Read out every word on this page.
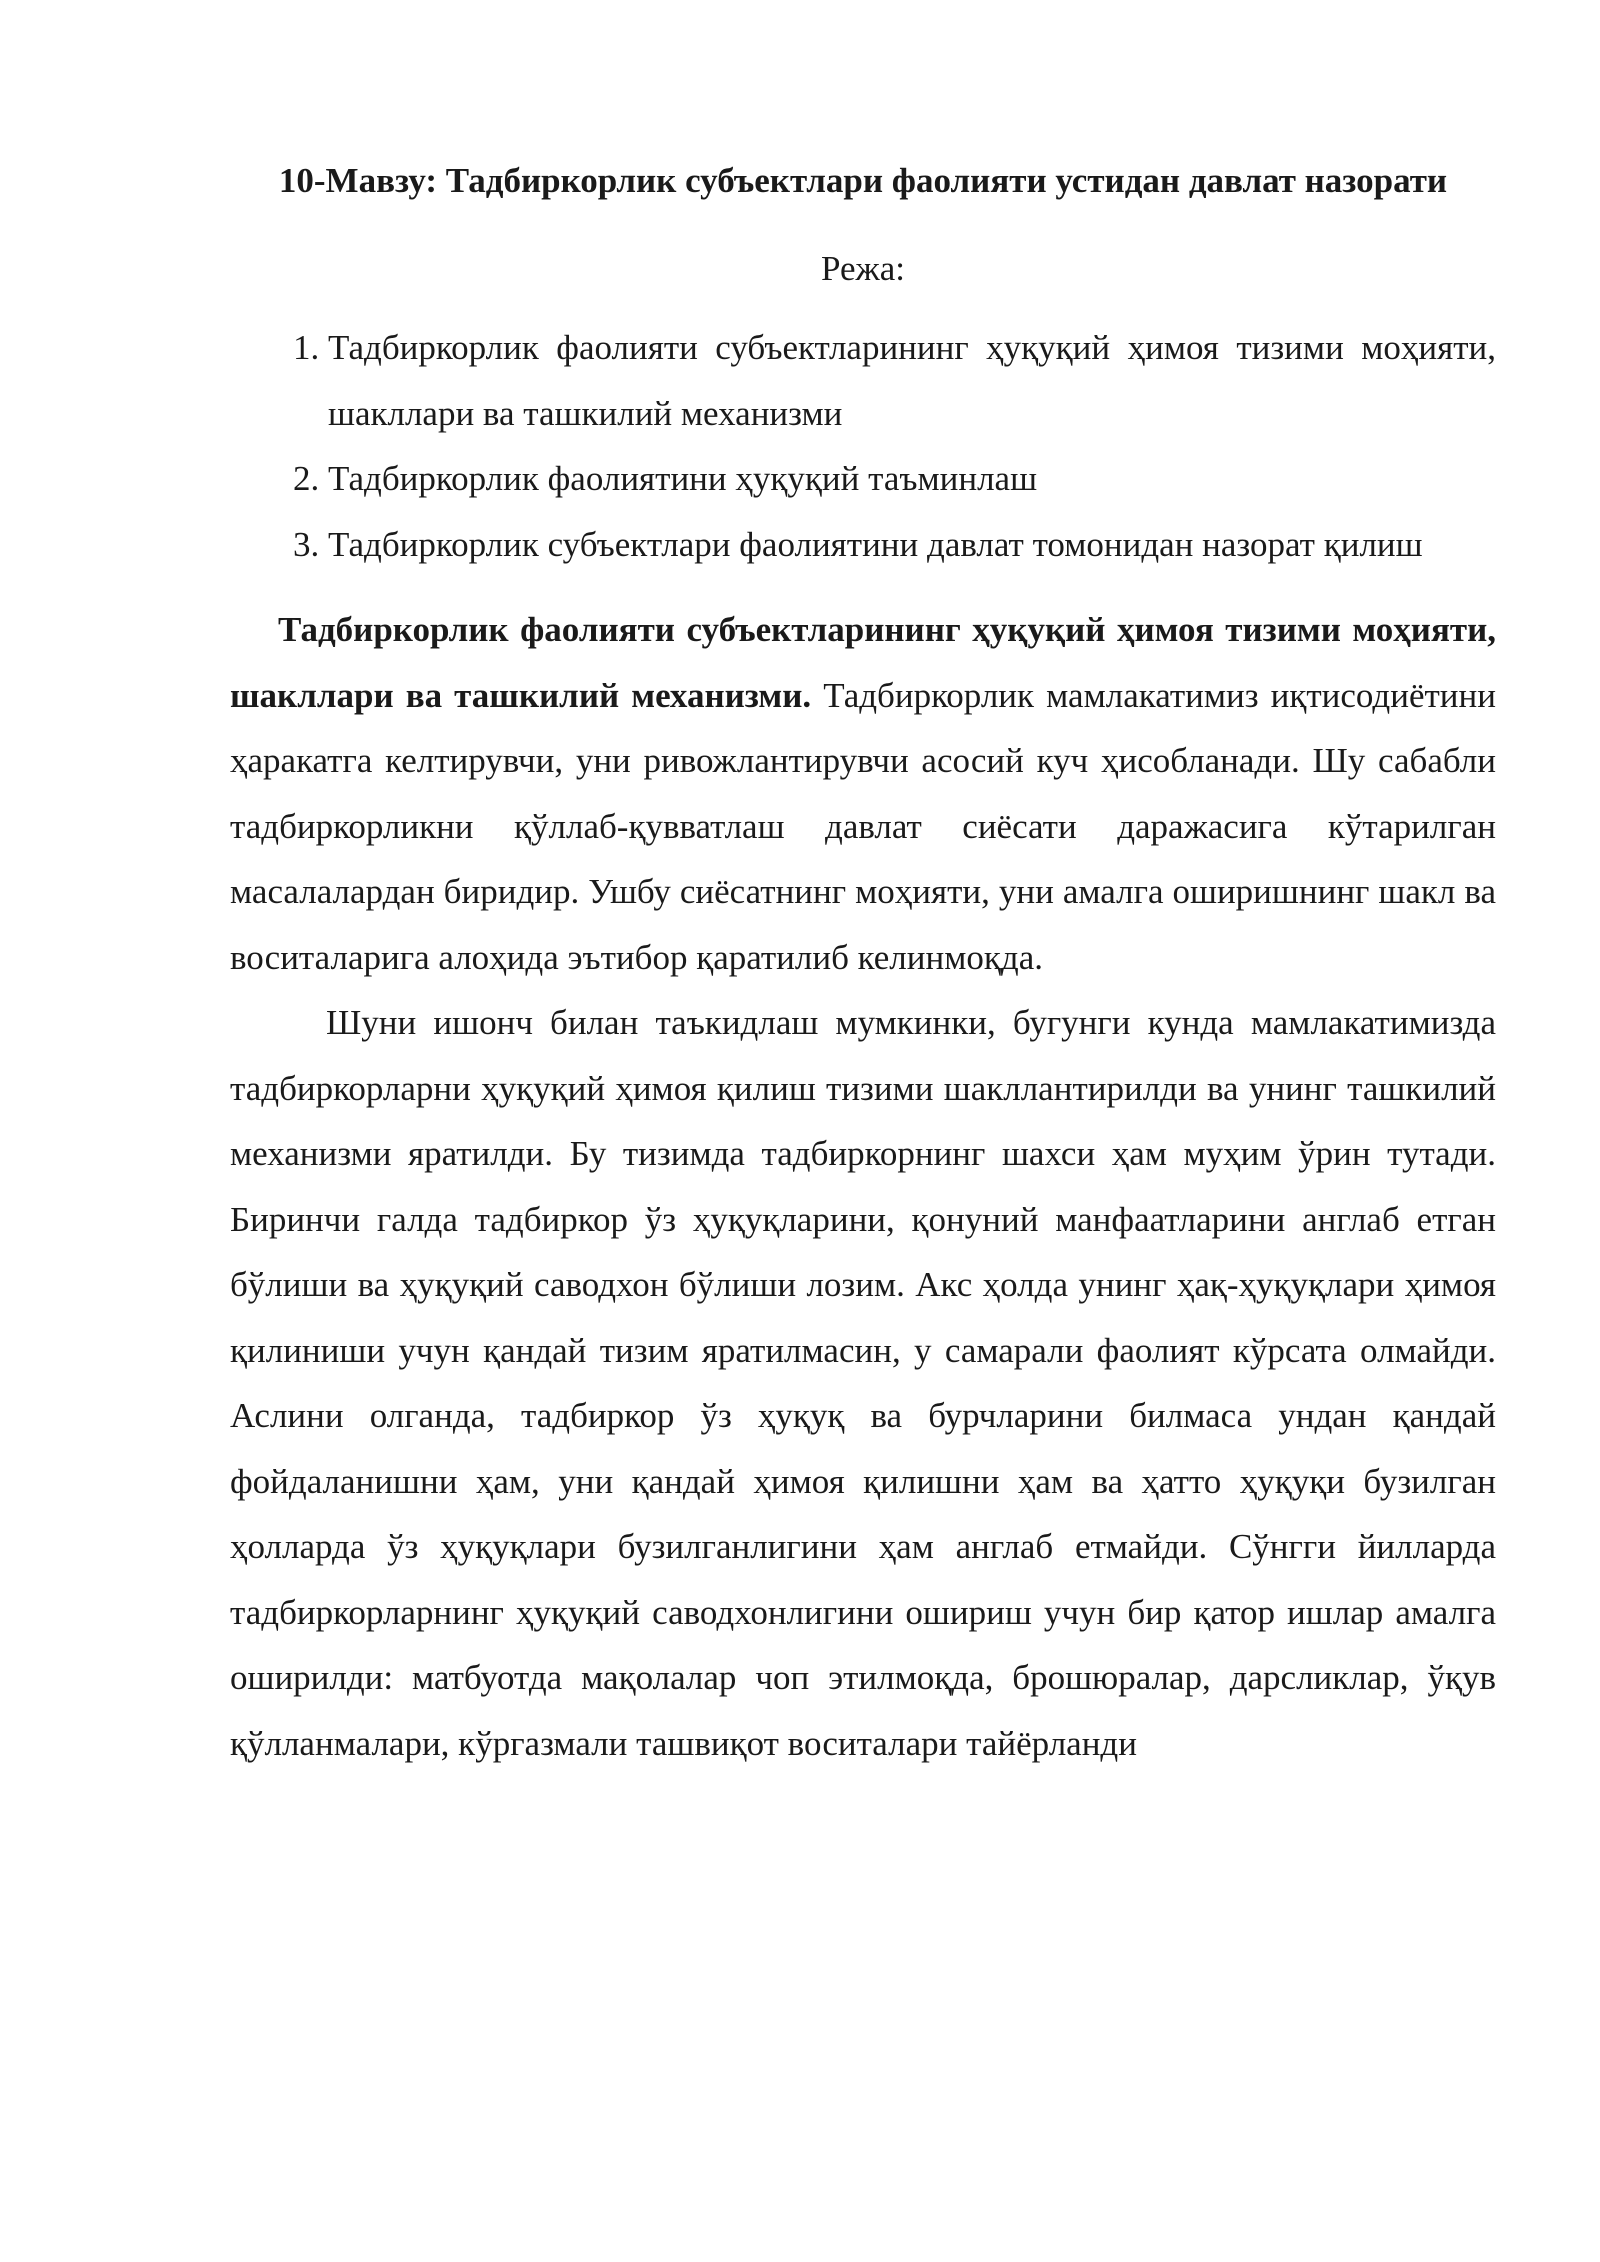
10-Мавзу: Тадбиркорлик субъектлари фаолияти устидан давлат назорати
Режа:
1. Тадбиркорлик фаолияти субъектларининг ҳуқуқий ҳимоя тизими моҳияти, шакллари ва ташкилий механизми
2. Тадбиркорлик фаолиятини ҳуқуқий таъминлаш
3. Тадбиркорлик субъектлари фаолиятини давлат томонидан назорат қилиш

Тадбиркорлик фаолияти субъектларининг ҳуқуқий ҳимоя тизими моҳияти, шакллари ва ташкилий механизми. Тадбиркорлик мамлакатимиз иқтисодиётини ҳаракатга келтирувчи, уни ривожлантирувчи асосий куч ҳисобланади. Шу сабабли тадбиркорликни қўллаб-қувватлаш давлат сиёсати даражасига кўтарилган масалалардан биридир. Ушбу сиёсатнинг моҳияти, уни амалга оширишнинг шакл ва воситаларига алоҳида эътибор қаратилиб келинмоқда.

Шуни ишонч билан таъкидлаш мумкинки, бугунги кунда мамлакатимизда тадбиркорларни ҳуқуқий ҳимоя қилиш тизими шакллантирилди ва унинг ташкилий механизми яратилди. Бу тизимда тадбиркорнинг шахси ҳам муҳим ўрин тутади. Биринчи галда тадбиркор ўз ҳуқуқларини, қонуний манфаатларини англаб етган бўлиши ва ҳуқуқий саводхон бўлиши лозим. Акс ҳолда унинг ҳақ-ҳуқуқлари ҳимоя қилиниши учун қандай тизим яратилмасин, у самарали фаолият кўрсата олмайди. Аслини олганда, тадбиркор ўз ҳуқуқ ва бурчларини билмаса ундан қандай фойдаланишни ҳам, уни қандай ҳимоя қилишни ҳам ва ҳатто ҳуқуқи бузилган ҳолларда ўз ҳуқуқлари бузилганлигини ҳам англаб етмайди. Сўнгги йилларда тадбиркорларнинг ҳуқуқий саводхонлигини ошириш учун бир қатор ишлар амалга оширилди: матбуотда мақолалар чоп этилмоқда, брошюралар, дарсликлар, ўқув қўлланмалари, кўргазмали ташвиқот воситалари тайёрланди
